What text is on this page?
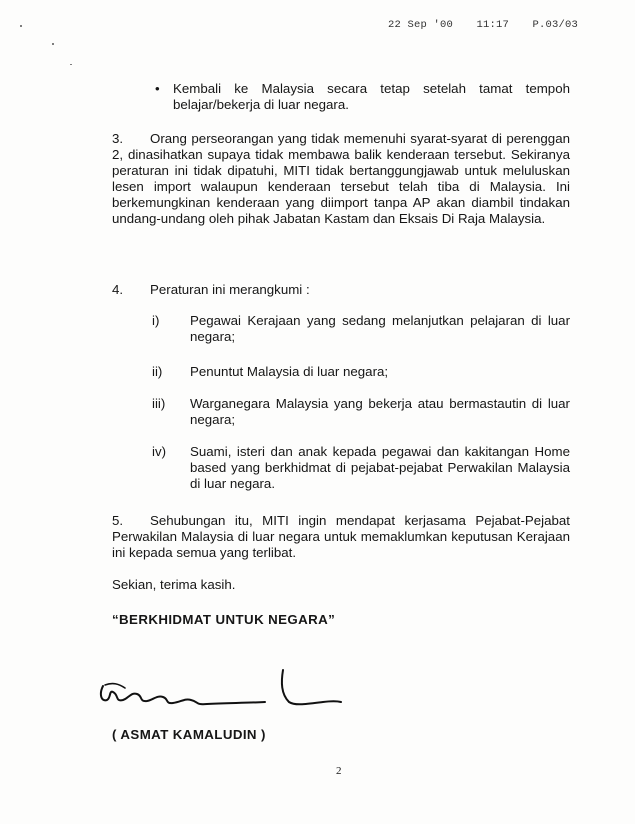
22 Sep '00 11:17 P.03/03
• Kembali ke Malaysia secara tetap setelah tamat tempoh belajar/bekerja di luar negara.
3. Orang perseorangan yang tidak memenuhi syarat-syarat di perenggan 2, dinasihatkan supaya tidak membawa balik kenderaan tersebut. Sekiranya peraturan ini tidak dipatuhi, MITI tidak bertanggungjawab untuk meluluskan lesen import walaupun kenderaan tersebut telah tiba di Malaysia. Ini berkemungkinan kenderaan yang diimport tanpa AP akan diambil tindakan undang-undang oleh pihak Jabatan Kastam dan Eksais Di Raja Malaysia.
4. Peraturan ini merangkumi :
i) Pegawai Kerajaan yang sedang melanjutkan pelajaran di luar negara;
ii) Penuntut Malaysia di luar negara;
iii) Warganegara Malaysia yang bekerja atau bermastautin di luar negara;
iv) Suami, isteri dan anak kepada pegawai dan kakitangan Home based yang berkhidmat di pejabat-pejabat Perwakilan Malaysia di luar negara.
5. Sehubungan itu, MITI ingin mendapat kerjasama Pejabat-Pejabat Perwakilan Malaysia di luar negara untuk memaklumkan keputusan Kerajaan ini kepada semua yang terlibat.
Sekian, terima kasih.
“BERKHIDMAT UNTUK NEGARA”
( ASMAT KAMALUDIN )
2
